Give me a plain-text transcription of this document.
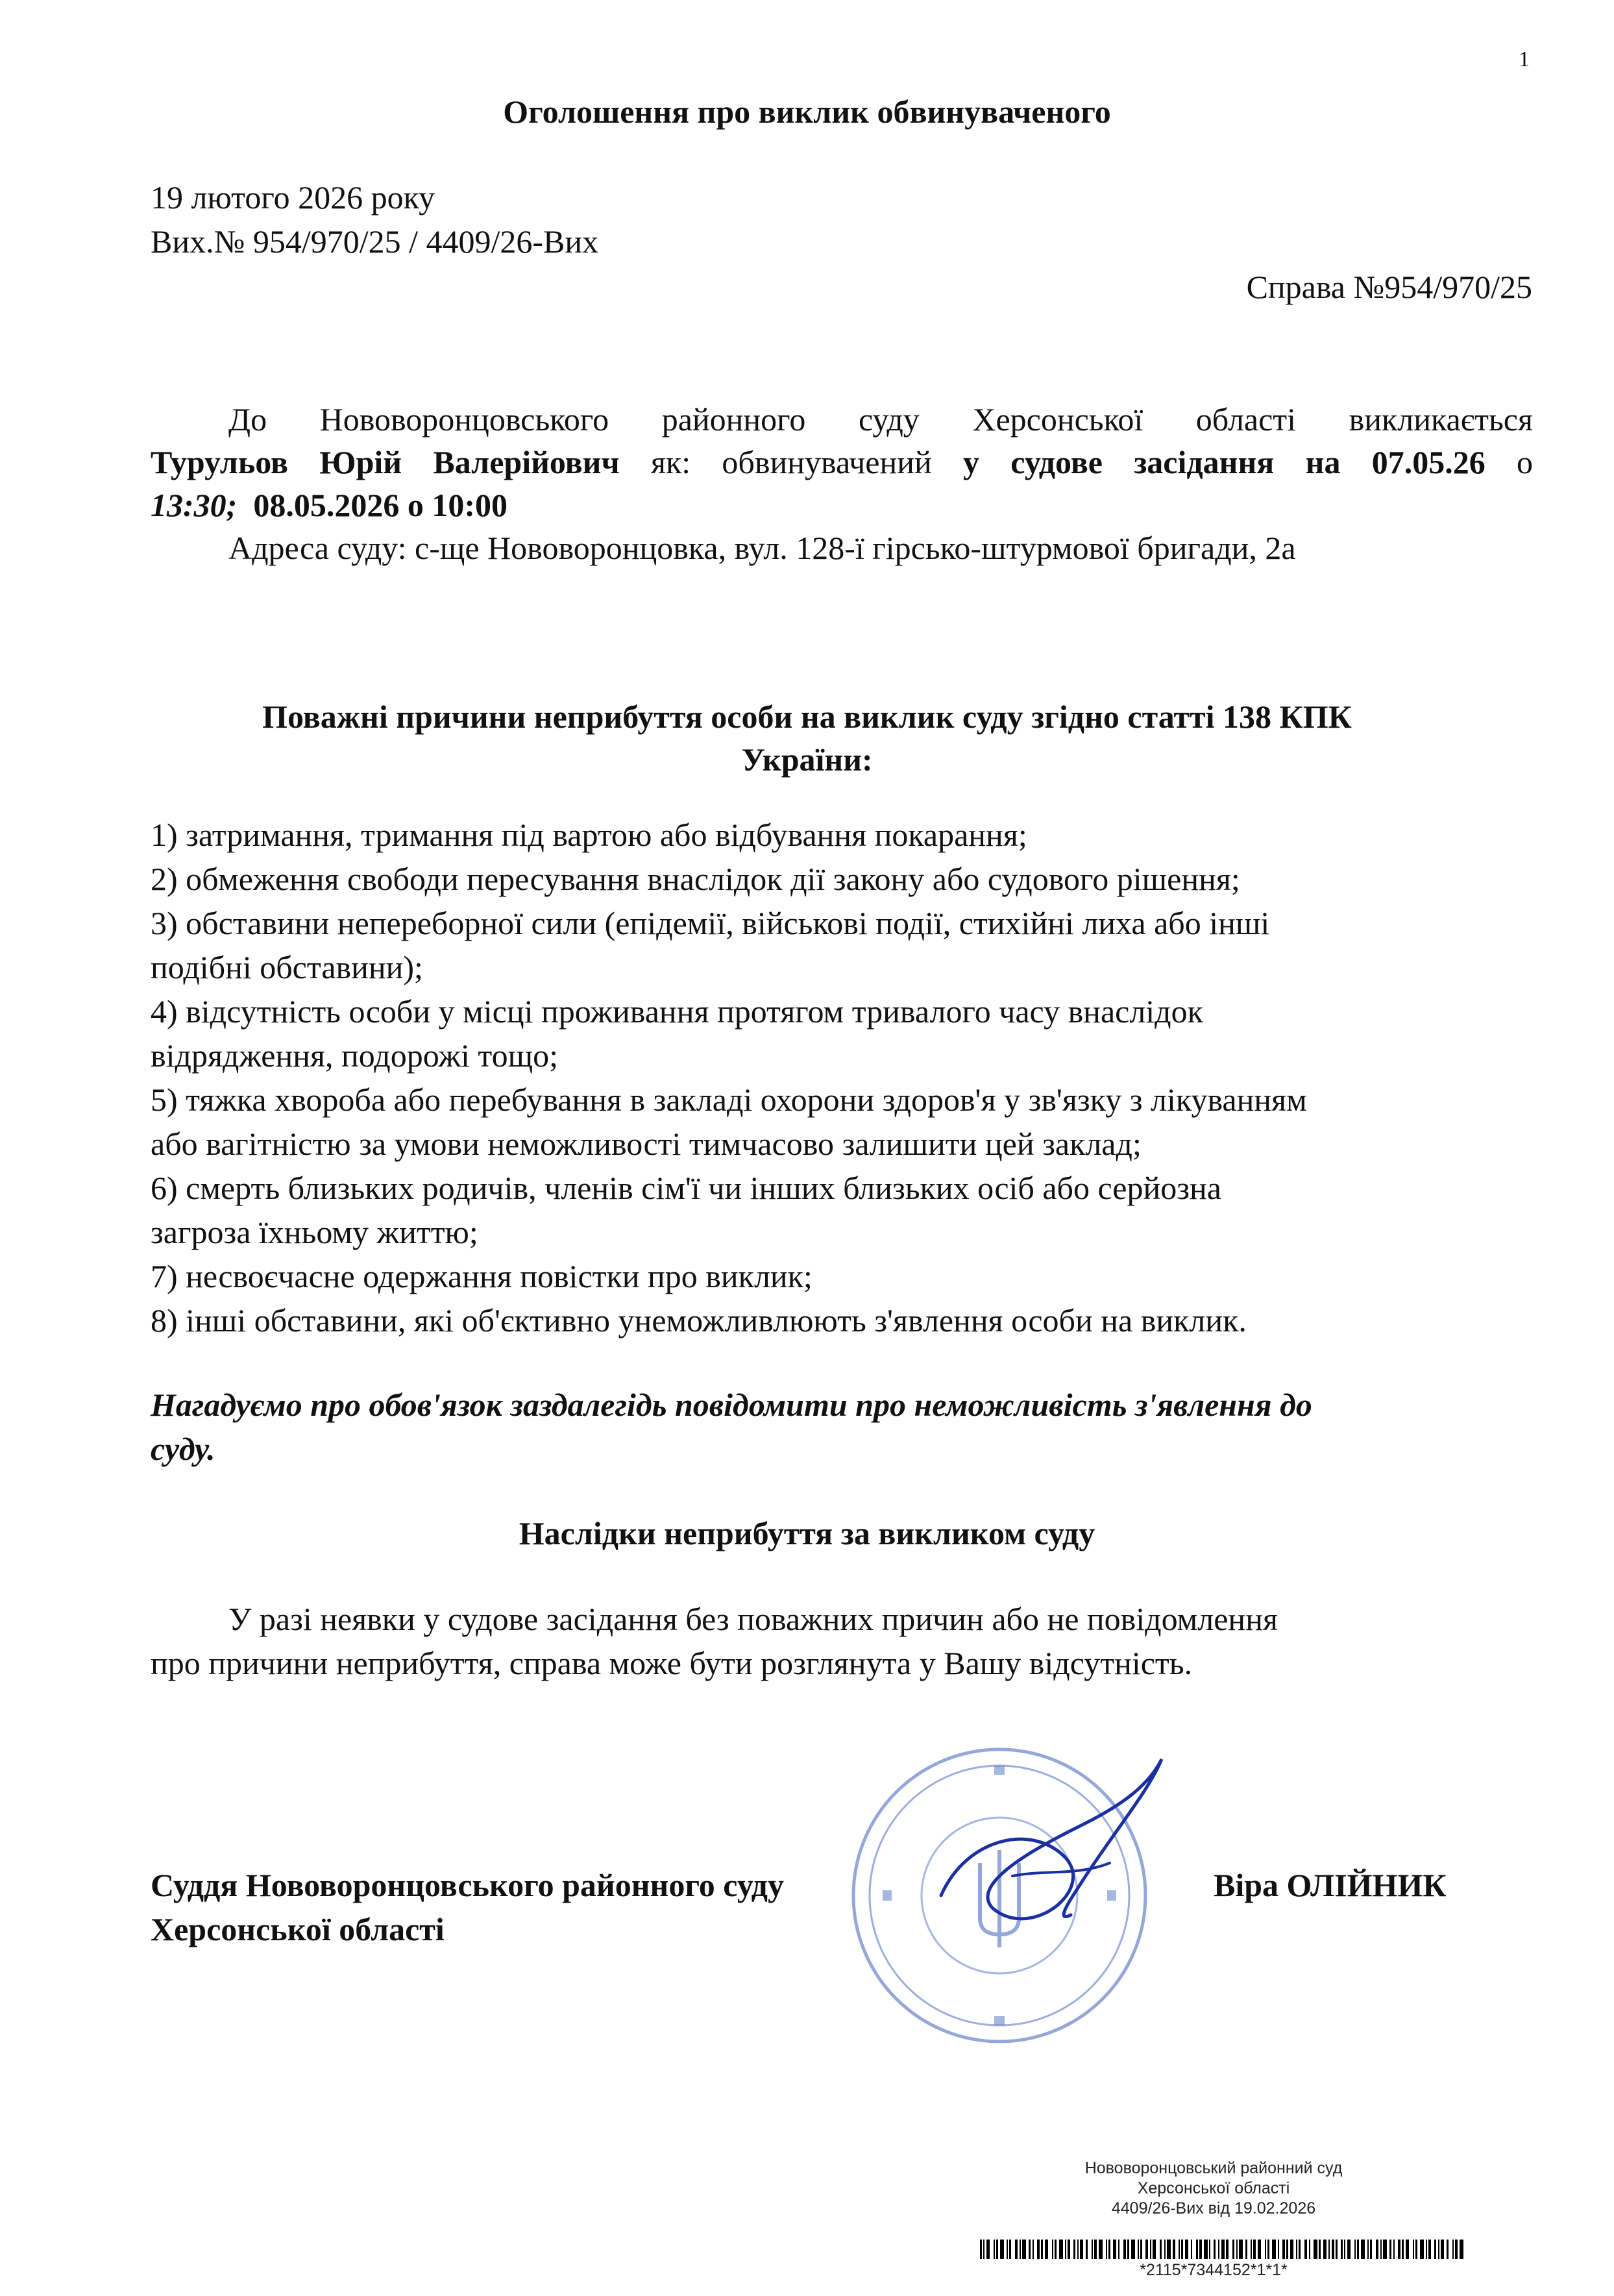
1
Оголошення про виклик обвинуваченого
19 лютого 2026 року
Вих.№ 954/970/25 / 4409/26-Вих
Справа №954/970/25
До Нововоронцовського районного суду Херсонської області викликається
Турульов Юрій Валерійович як: обвинувачений у судове засідання на 07.05.26 о
13:30; 08.05.2026 о 10:00
Адреса суду: с-ще Нововоронцовка, вул. 128-ї гірсько-штурмової бригади, 2а
Поважні причини неприбуття особи на виклик суду згідно статті 138 КПК
України:
1) затримання, тримання під вартою або відбування покарання;
2) обмеження свободи пересування внаслідок дії закону або судового рішення;
3) обставини непереборної сили (епідемії, військові події, стихійні лиха або інші
подібні обставини);
4) відсутність особи у місці проживання протягом тривалого часу внаслідок
відрядження, подорожі тощо;
5) тяжка хвороба або перебування в закладі охорони здоров'я у зв'язку з лікуванням
або вагітністю за умови неможливості тимчасово залишити цей заклад;
6) смерть близьких родичів, членів сім'ї чи інших близьких осіб або серйозна
загроза їхньому життю;
7) несвоєчасне одержання повістки про виклик;
8) інші обставини, які об'єктивно унеможливлюють з'явлення особи на виклик.
Нагадуємо про обов'язок заздалегідь повідомити про неможливість з'явлення до
суду.
Наслідки неприбуття за викликом суду
У разі неявки у судове засідання без поважних причин або не повідомлення
про причини неприбуття, справа може бути розглянута у Вашу відсутність.
Суддя Нововоронцовського районного суду
Херсонської області
Віра ОЛІЙНИК
Нововоронцовський районний суд
Херсонської області
4409/26-Вих від 19.02.2026
*2115*7344152*1*1*
